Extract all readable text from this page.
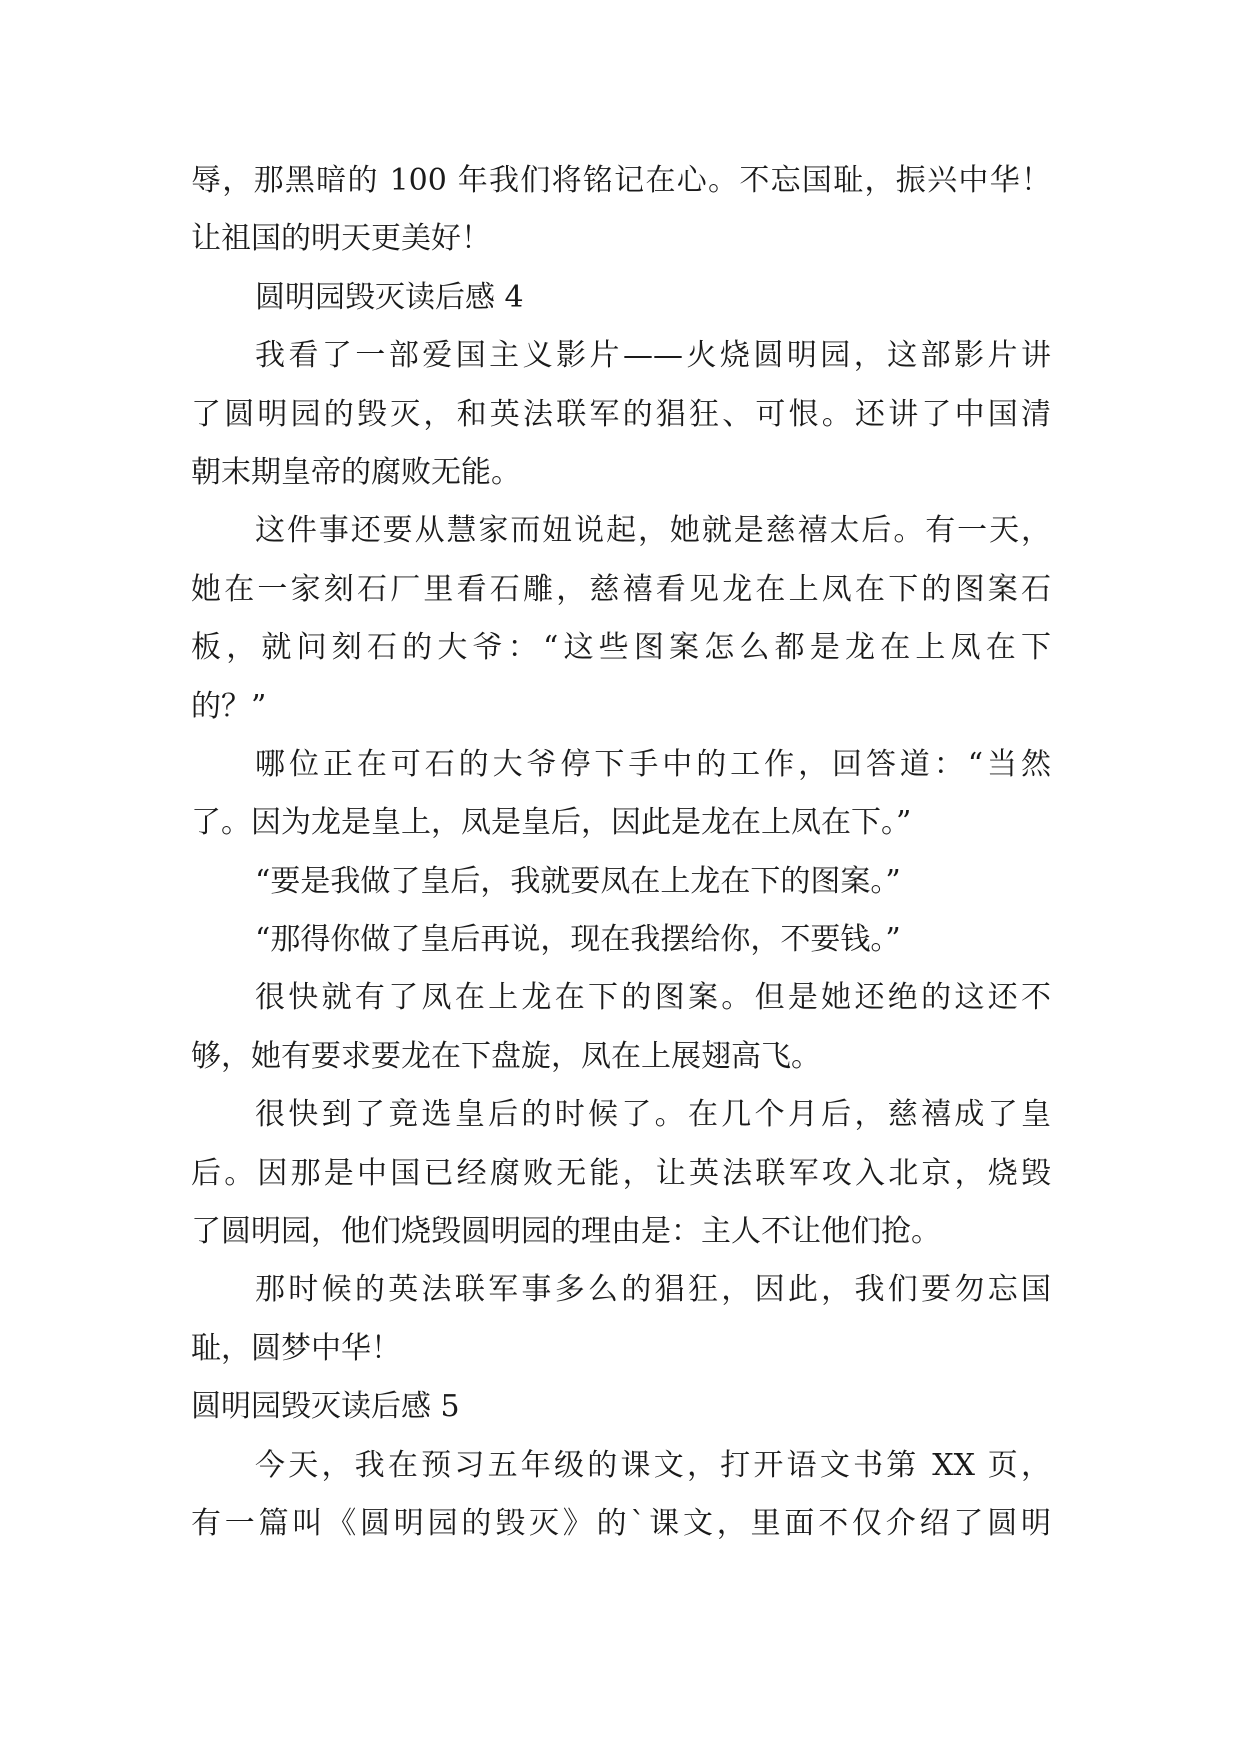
辱，那黑暗的 100 年我们将铭记在心。不忘国耻，振兴中华！
让祖国的明天更美好！
圆明园毁灭读后感 4
我看了一部爱国主义影片——火烧圆明园，这部影片讲
了圆明园的毁灭，和英法联军的猖狂、可恨。还讲了中国清
朝末期皇帝的腐败无能。
这件事还要从慧家而妞说起，她就是慈禧太后。有一天，
她在一家刻石厂里看石雕，慈禧看见龙在上凤在下的图案石
板，就问刻石的大爷：“这些图案怎么都是龙在上凤在下
的？”
哪位正在可石的大爷停下手中的工作，回答道：“当然
了。因为龙是皇上，凤是皇后，因此是龙在上凤在下。”
“要是我做了皇后，我就要凤在上龙在下的图案。”
“那得你做了皇后再说，现在我摆给你，不要钱。”
很快就有了凤在上龙在下的图案。但是她还绝的这还不
够，她有要求要龙在下盘旋，凤在上展翅高飞。
很快到了竟选皇后的时候了。在几个月后，慈禧成了皇
后。因那是中国已经腐败无能，让英法联军攻入北京，烧毁
了圆明园，他们烧毁圆明园的理由是：主人不让他们抢。
那时候的英法联军事多么的猖狂，因此，我们要勿忘国
耻，圆梦中华！
圆明园毁灭读后感 5
今天，我在预习五年级的课文，打开语文书第 XX 页，
有一篇叫《圆明园的毁灭》的`课文，里面不仅介绍了圆明
